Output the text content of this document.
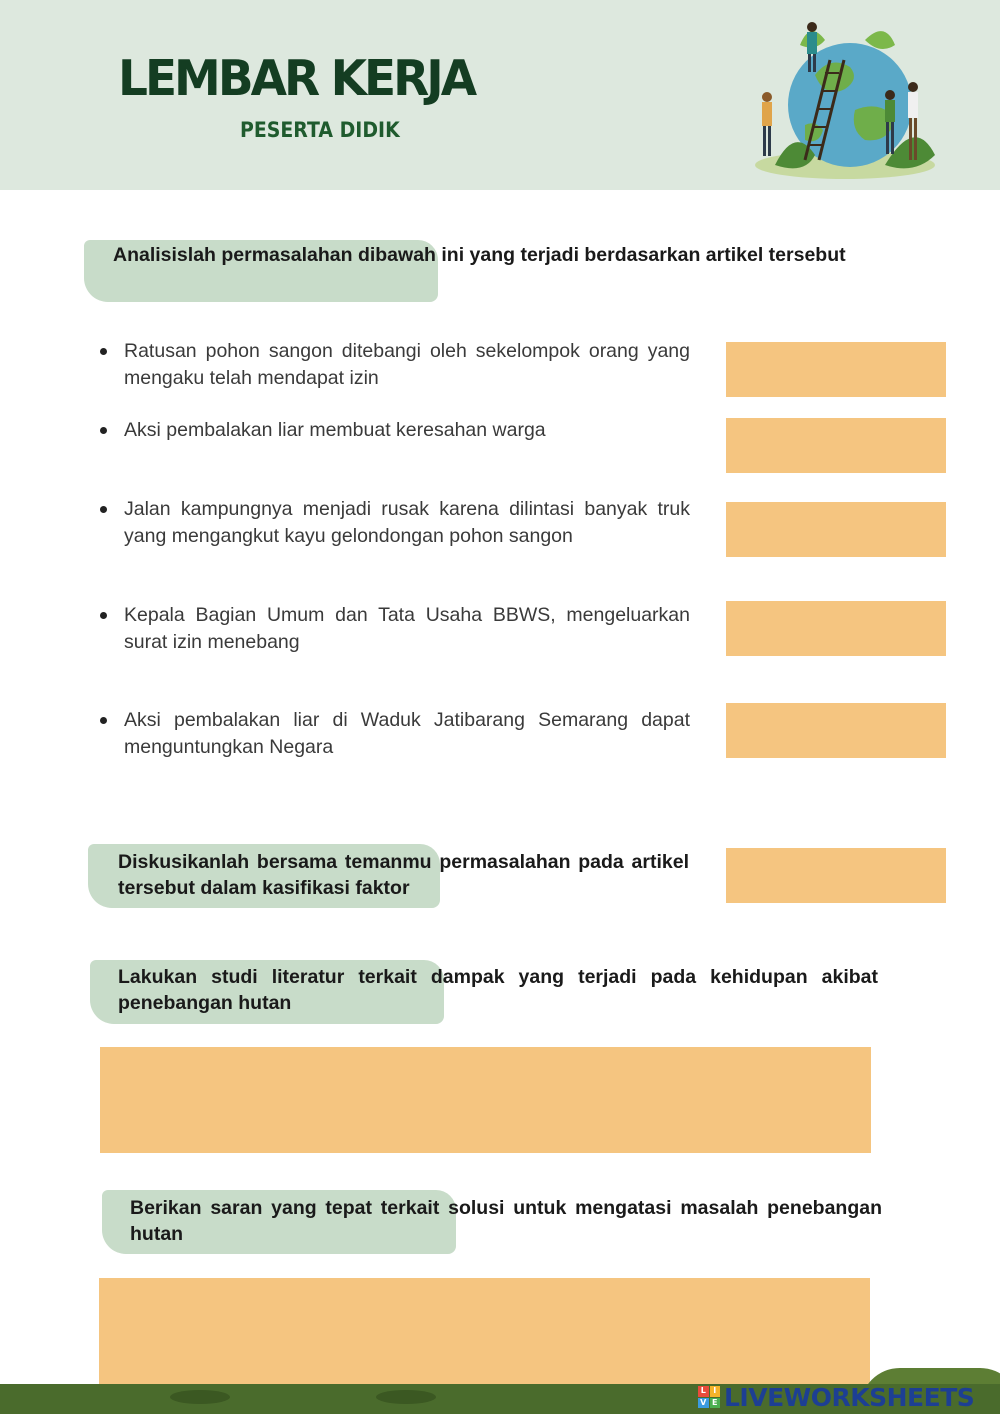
LEMBAR KERJA
PESERTA DIDIK
Analisislah permasalahan dibawah ini yang terjadi berdasarkan artikel tersebut
Ratusan pohon sangon ditebangi oleh sekelompok orang yang mengaku telah mendapat izin
Aksi pembalakan liar membuat keresahan warga
Jalan kampungnya menjadi rusak karena dilintasi banyak truk yang mengangkut kayu gelondongan pohon sangon
Kepala Bagian Umum dan Tata Usaha BBWS, mengeluarkan surat izin menebang
Aksi pembalakan liar di Waduk Jatibarang Semarang dapat menguntungkan Negara
Diskusikanlah bersama temanmu permasalahan pada artikel tersebut dalam kasifikasi faktor
Lakukan studi literatur terkait dampak yang terjadi pada kehidupan akibat penebangan hutan
Berikan saran yang tepat terkait solusi untuk mengatasi masalah penebangan hutan
L I
V E LIVEWORKSHEETS
